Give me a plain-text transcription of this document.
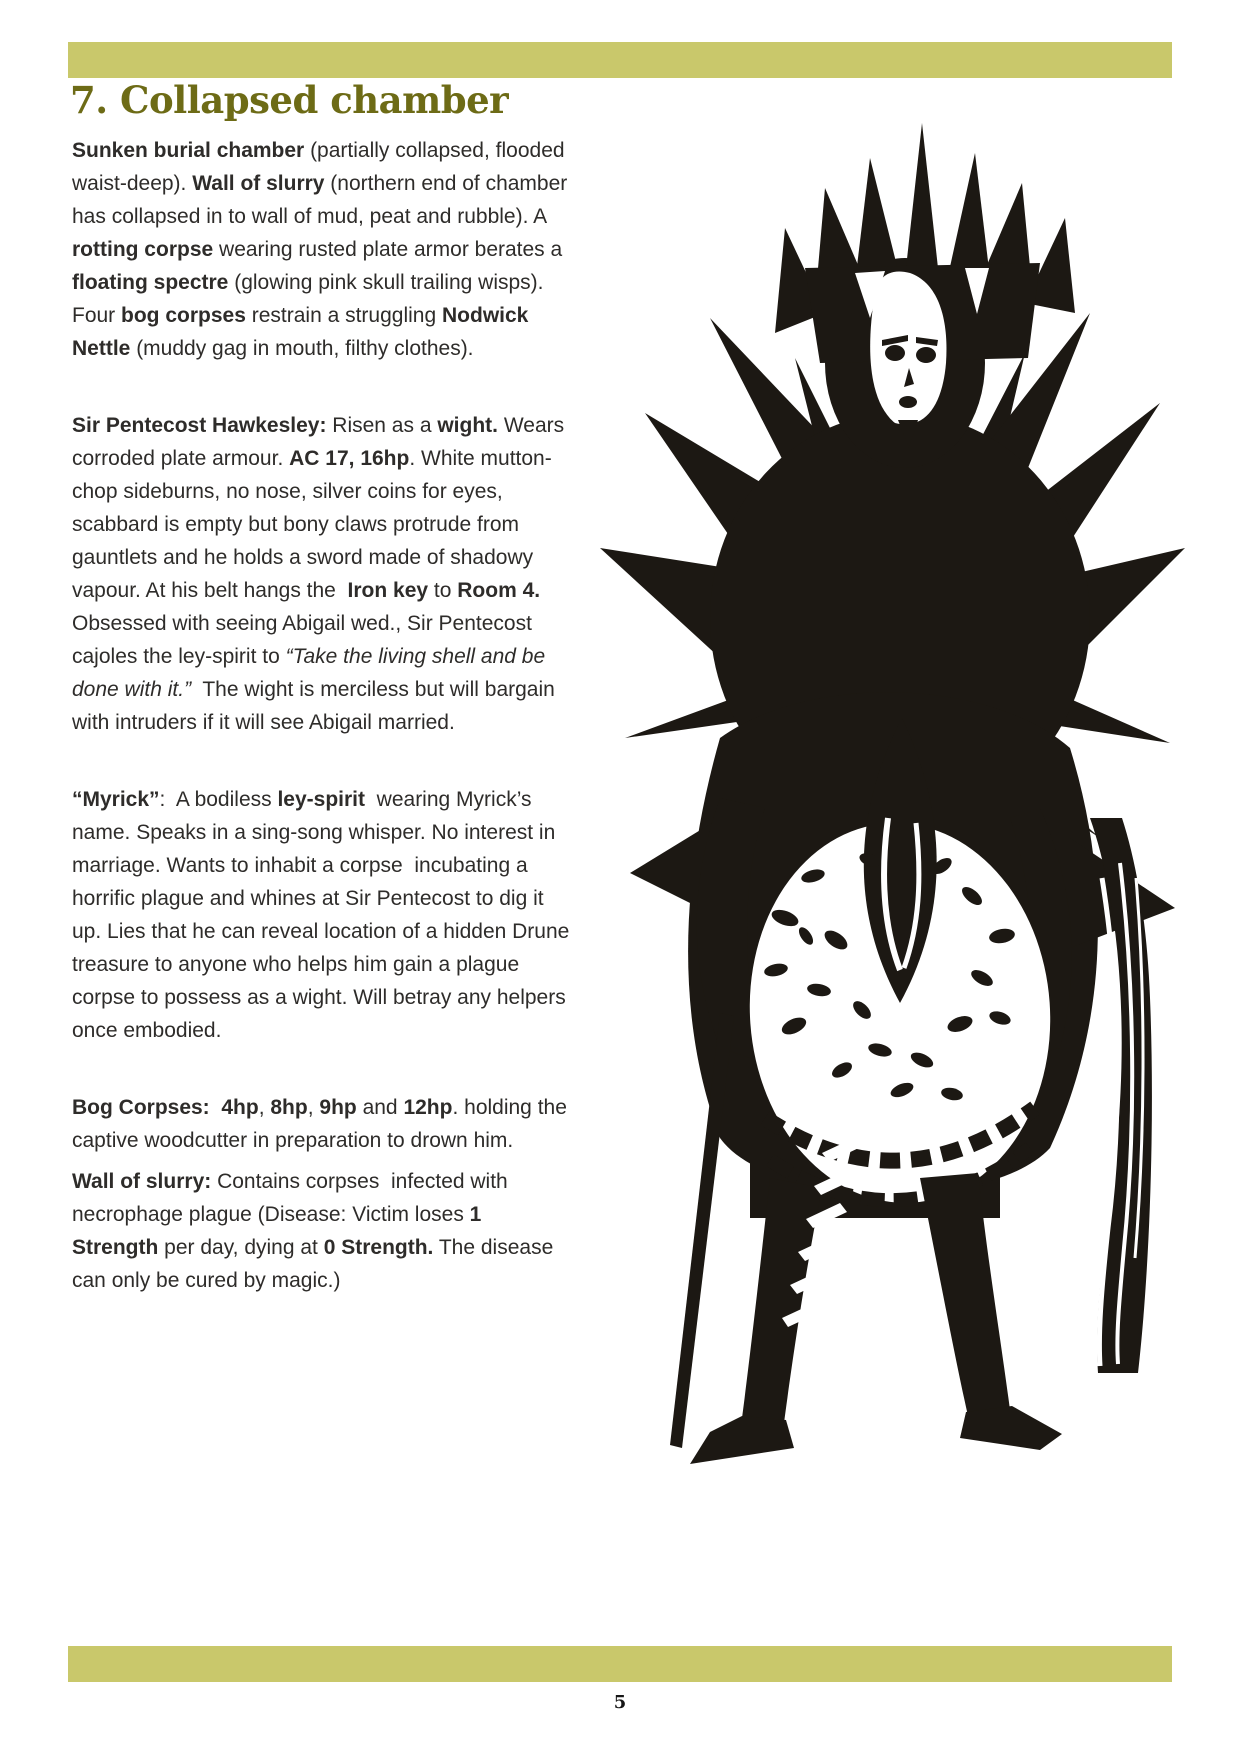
7. Collapsed chamber

Sunken burial chamber (partially collapsed, flooded waist-deep). Wall of slurry (northern end of chamber has collapsed in to wall of mud, peat and rubble). A rotting corpse wearing rusted plate armor berates a floating spectre (glowing pink skull trailing wisps). Four bog corpses restrain a struggling Nodwick Nettle (muddy gag in mouth, filthy clothes).

Sir Pentecost Hawkesley: Risen as a wight. Wears corroded plate armour. AC 17, 16hp. White mutton-chop sideburns, no nose, silver coins for eyes, scabbard is empty but bony claws protrude from gauntlets and he holds a sword made of shadowy vapour. At his belt hangs the  Iron key to Room 4.
Obsessed with seeing Abigail wed., Sir Pentecost cajoles the ley-spirit to “Take the living shell and be done with it.”  The wight is merciless but will bargain with intruders if it will see Abigail married.

“Myrick”:  A bodiless ley-spirit  wearing Myrick’s name. Speaks in a sing-song whisper. No interest in  marriage. Wants to inhabit a corpse  incubating a horrific plague and whines at Sir Pentecost to dig it up. Lies that he can reveal location of a hidden Drune treasure to anyone who helps him gain a plague corpse to possess as a wight. Will betray any helpers once embodied.

Bog Corpses: 4hp, 8hp, 9hp and 12hp. holding the captive woodcutter in preparation to drown him.

Wall of slurry: Contains corpses  infected with necrophage plague (Disease: Victim loses 1 Strength per day, dying at 0 Strength. The disease can only be cured by magic.)

5
